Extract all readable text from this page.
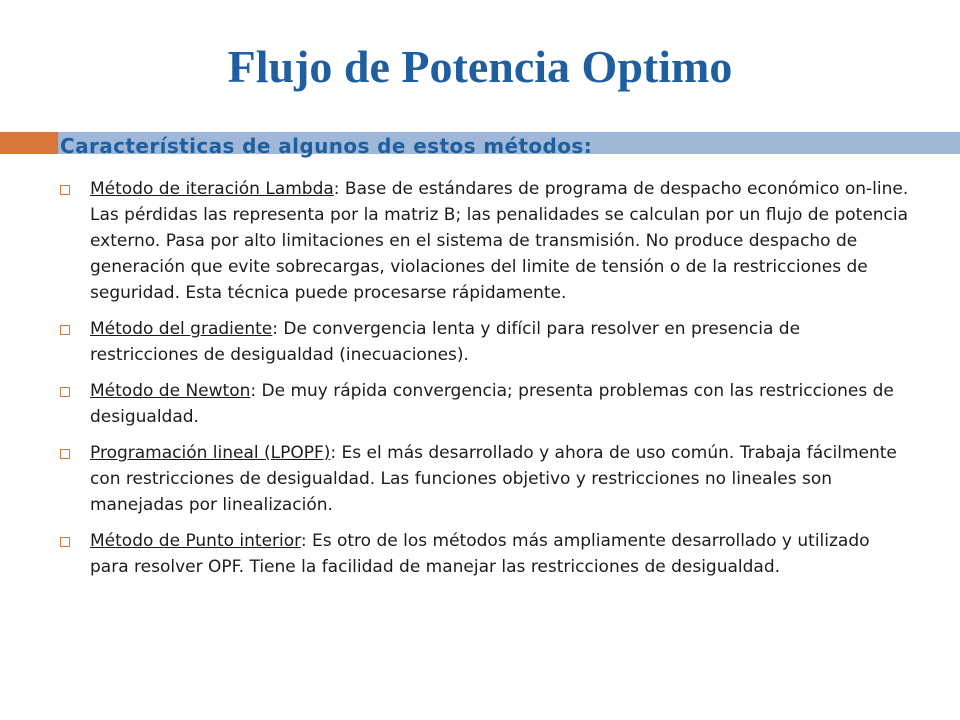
Flujo de Potencia Optimo
Características de algunos de estos métodos:
Método de iteración Lambda: Base de estándares de programa de despacho económico on-line. Las pérdidas las representa por la matriz B; las penalidades se calculan por un flujo de potencia externo. Pasa por alto limitaciones en el sistema de transmisión. No produce despacho de generación que evite sobrecargas, violaciones del limite de tensión o de la restricciones de seguridad. Esta técnica puede procesarse rápidamente.
Método del gradiente: De convergencia lenta y difícil para resolver en presencia de restricciones de desigualdad (inecuaciones).
Método de Newton: De muy rápida convergencia; presenta problemas con las restricciones de desigualdad.
Programación lineal (LPOPF): Es el más desarrollado y ahora de uso común. Trabaja fácilmente con restricciones de desigualdad. Las funciones objetivo y restricciones no lineales son manejadas por linealización.
Método de Punto interior: Es otro de los métodos más ampliamente desarrollado y utilizado para resolver OPF. Tiene la facilidad de manejar las restricciones de desigualdad.
